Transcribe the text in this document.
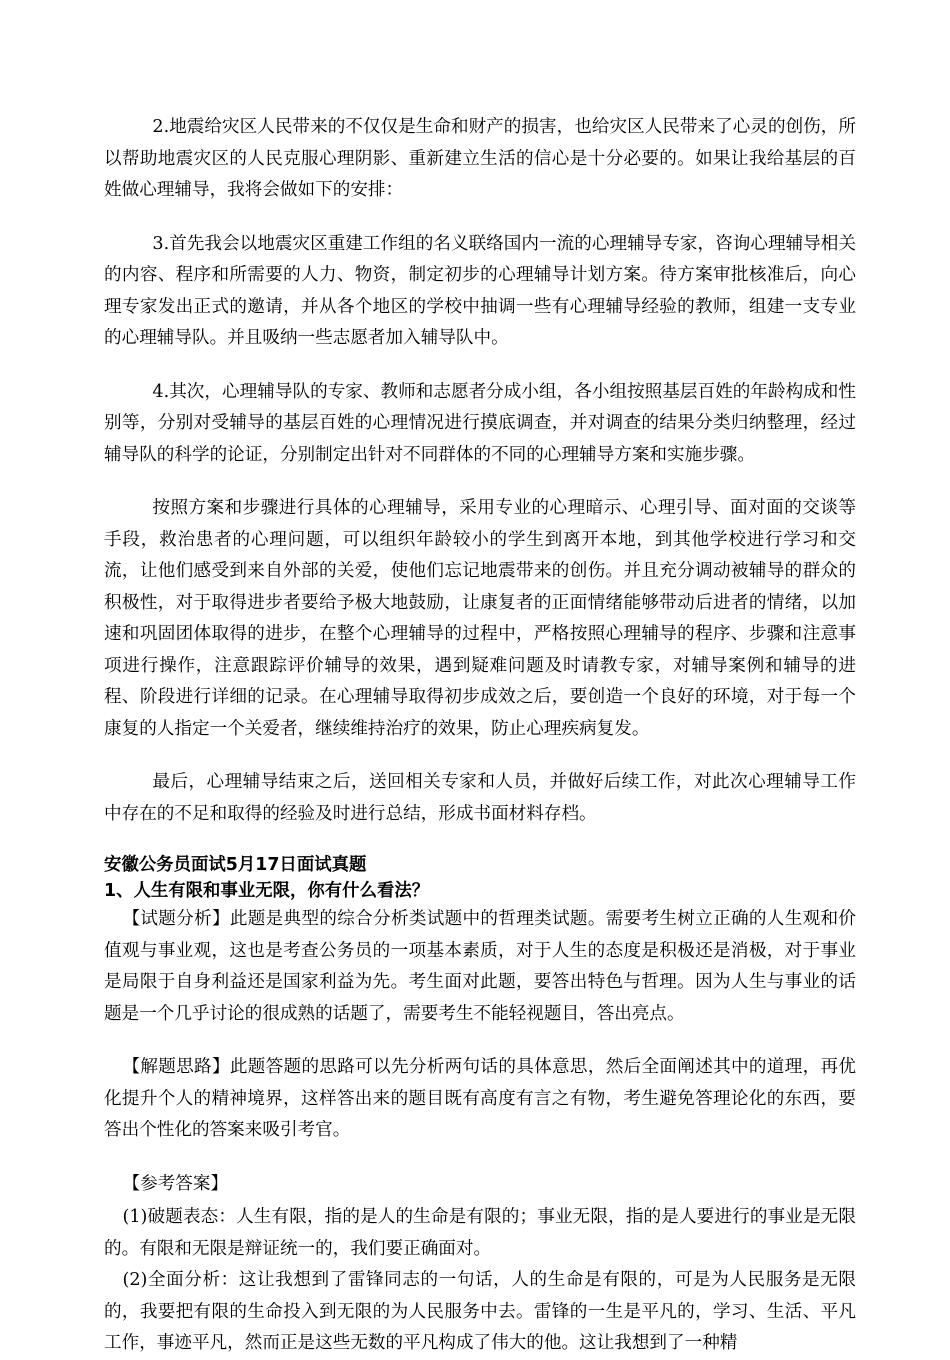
2.地震给灾区人民带来的不仅仅是生命和财产的损害，也给灾区人民带来了心灵的创伤，所以帮助地震灾区的人民克服心理阴影、重新建立生活的信心是十分必要的。如果让我给基层的百姓做心理辅导，我将会做如下的安排：

3.首先我会以地震灾区重建工作组的名义联络国内一流的心理辅导专家，咨询心理辅导相关的内容、程序和所需要的人力、物资，制定初步的心理辅导计划方案。待方案审批核准后，向心理专家发出正式的邀请，并从各个地区的学校中抽调一些有心理辅导经验的教师，组建一支专业的心理辅导队。并且吸纳一些志愿者加入辅导队中。

4.其次，心理辅导队的专家、教师和志愿者分成小组，各小组按照基层百姓的年龄构成和性别等，分别对受辅导的基层百姓的心理情况进行摸底调查，并对调查的结果分类归纳整理，经过辅导队的科学的论证，分别制定出针对不同群体的不同的心理辅导方案和实施步骤。

按照方案和步骤进行具体的心理辅导，采用专业的心理暗示、心理引导、面对面的交谈等手段，救治患者的心理问题，可以组织年龄较小的学生到离开本地，到其他学校进行学习和交流，让他们感受到来自外部的关爱，使他们忘记地震带来的创伤。并且充分调动被辅导的群众的积极性，对于取得进步者要给予极大地鼓励，让康复者的正面情绪能够带动后进者的情绪，以加速和巩固团体取得的进步，在整个心理辅导的过程中，严格按照心理辅导的程序、步骤和注意事项进行操作，注意跟踪评价辅导的效果，遇到疑难问题及时请教专家，对辅导案例和辅导的进程、阶段进行详细的记录。在心理辅导取得初步成效之后，要创造一个良好的环境，对于每一个康复的人指定一个关爱者，继续维持治疗的效果，防止心理疾病复发。

最后，心理辅导结束之后，送回相关专家和人员，并做好后续工作，对此次心理辅导工作中存在的不足和取得的经验及时进行总结，形成书面材料存档。

安徽公务员面试5月17日面试真题
1、人生有限和事业无限，你有什么看法？

【试题分析】此题是典型的综合分析类试题中的哲理类试题。需要考生树立正确的人生观和价值观与事业观，这也是考查公务员的一项基本素质，对于人生的态度是积极还是消极，对于事业是局限于自身利益还是国家利益为先。考生面对此题，要答出特色与哲理。因为人生与事业的话题是一个几乎讨论的很成熟的话题了，需要考生不能轻视题目，答出亮点。

【解题思路】此题答题的思路可以先分析两句话的具体意思，然后全面阐述其中的道理，再优化提升个人的精神境界，这样答出来的题目既有高度有言之有物，考生避免答理论化的东西，要答出个性化的答案来吸引考官。

【参考答案】

(1)破题表态：人生有限，指的是人的生命是有限的；事业无限，指的是人要进行的事业是无限的。有限和无限是辩证统一的，我们要正确面对。

(2)全面分析：这让我想到了雷锋同志的一句话，人的生命是有限的，可是为人民服务是无限的，我要把有限的生命投入到无限的为人民服务中去。雷锋的一生是平凡的，学习、生活、平凡工作，事迹平凡，然而正是这些无数的平凡构成了伟大的他。这让我想到了一种精
